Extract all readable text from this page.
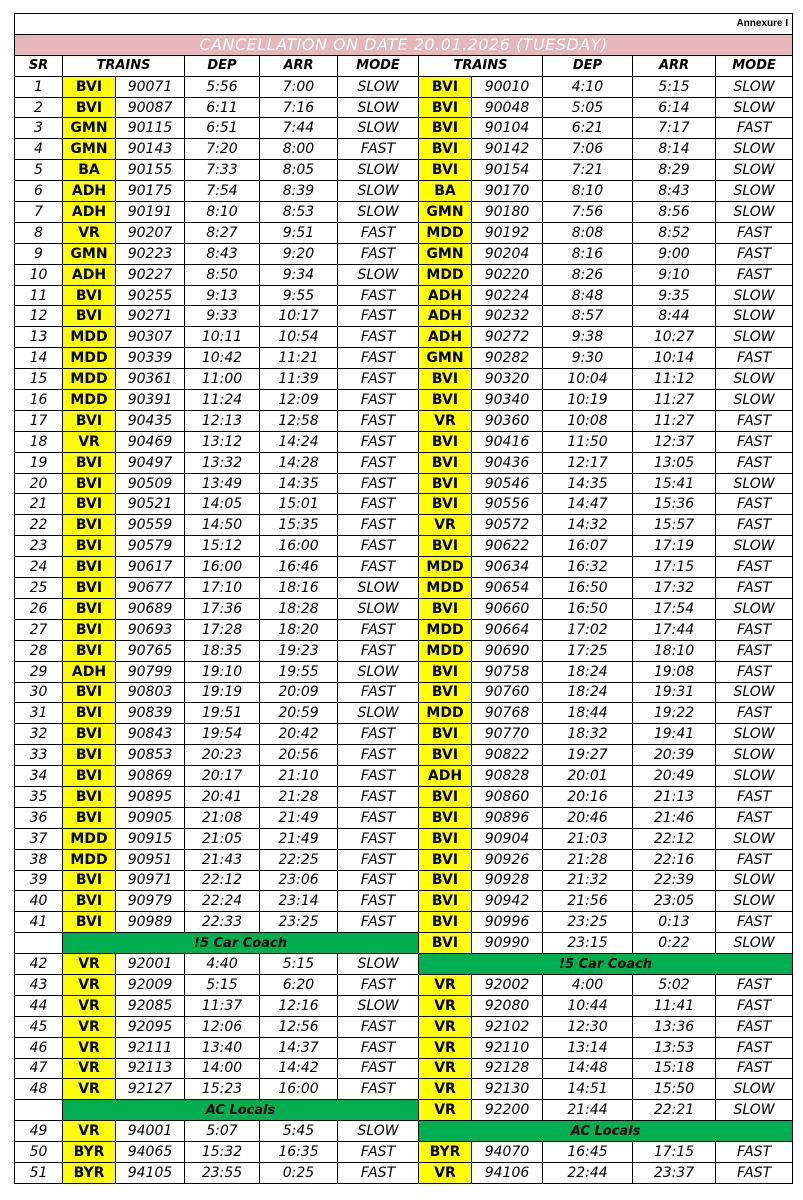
Annexure I										
CANCELLATION ON DATE 20.01.2026 (TUESDAY)										
SR	TRAINS		DEP	ARR	MODE	TRAINS		DEP	ARR	MODE
1	BVI	90071	5:56	7:00	SLOW	BVI	90010	4:10	5:15	SLOW
2	BVI	90087	6:11	7:16	SLOW	BVI	90048	5:05	6:14	SLOW
3	GMN	90115	6:51	7:44	SLOW	BVI	90104	6:21	7:17	FAST
4	GMN	90143	7:20	8:00	FAST	BVI	90142	7:06	8:14	SLOW
5	BA	90155	7:33	8:05	SLOW	BVI	90154	7:21	8:29	SLOW
6	ADH	90175	7:54	8:39	SLOW	BA	90170	8:10	8:43	SLOW
7	ADH	90191	8:10	8:53	SLOW	GMN	90180	7:56	8:56	SLOW
8	VR	90207	8:27	9:51	FAST	MDD	90192	8:08	8:52	FAST
9	GMN	90223	8:43	9:20	FAST	GMN	90204	8:16	9:00	FAST
10	ADH	90227	8:50	9:34	SLOW	MDD	90220	8:26	9:10	FAST
11	BVI	90255	9:13	9:55	FAST	ADH	90224	8:48	9:35	SLOW
12	BVI	90271	9:33	10:17	FAST	ADH	90232	8:57	8:44	SLOW
13	MDD	90307	10:11	10:54	FAST	ADH	90272	9:38	10:27	SLOW
14	MDD	90339	10:42	11:21	FAST	GMN	90282	9:30	10:14	FAST
15	MDD	90361	11:00	11:39	FAST	BVI	90320	10:04	11:12	SLOW
16	MDD	90391	11:24	12:09	FAST	BVI	90340	10:19	11:27	SLOW
17	BVI	90435	12:13	12:58	FAST	VR	90360	10:08	11:27	FAST
18	VR	90469	13:12	14:24	FAST	BVI	90416	11:50	12:37	FAST
19	BVI	90497	13:32	14:28	FAST	BVI	90436	12:17	13:05	FAST
20	BVI	90509	13:49	14:35	FAST	BVI	90546	14:35	15:41	SLOW
21	BVI	90521	14:05	15:01	FAST	BVI	90556	14:47	15:36	FAST
22	BVI	90559	14:50	15:35	FAST	VR	90572	14:32	15:57	FAST
23	BVI	90579	15:12	16:00	FAST	BVI	90622	16:07	17:19	SLOW
24	BVI	90617	16:00	16:46	FAST	MDD	90634	16:32	17:15	FAST
25	BVI	90677	17:10	18:16	SLOW	MDD	90654	16:50	17:32	FAST
26	BVI	90689	17:36	18:28	SLOW	BVI	90660	16:50	17:54	SLOW
27	BVI	90693	17:28	18:20	FAST	MDD	90664	17:02	17:44	FAST
28	BVI	90765	18:35	19:23	FAST	MDD	90690	17:25	18:10	FAST
29	ADH	90799	19:10	19:55	SLOW	BVI	90758	18:24	19:08	FAST
30	BVI	90803	19:19	20:09	FAST	BVI	90760	18:24	19:31	SLOW
31	BVI	90839	19:51	20:59	SLOW	MDD	90768	18:44	19:22	FAST
32	BVI	90843	19:54	20:42	FAST	BVI	90770	18:32	19:41	SLOW
33	BVI	90853	20:23	20:56	FAST	BVI	90822	19:27	20:39	SLOW
34	BVI	90869	20:17	21:10	FAST	ADH	90828	20:01	20:49	SLOW
35	BVI	90895	20:41	21:28	FAST	BVI	90860	20:16	21:13	FAST
36	BVI	90905	21:08	21:49	FAST	BVI	90896	20:46	21:46	FAST
37	MDD	90915	21:05	21:49	FAST	BVI	90904	21:03	22:12	SLOW
38	MDD	90951	21:43	22:25	FAST	BVI	90926	21:28	22:16	FAST
39	BVI	90971	22:12	23:06	FAST	BVI	90928	21:32	22:39	SLOW
40	BVI	90979	22:24	23:14	FAST	BVI	90942	21:56	23:05	SLOW
41	BVI	90989	22:33	23:25	FAST	BVI	90996	23:25	0:13	FAST
	!5 Car Coach					BVI	90990	23:15	0:22	SLOW
42	VR	92001	4:40	5:15	SLOW	!5 Car Coach				
43	VR	92009	5:15	6:20	FAST	VR	92002	4:00	5:02	FAST
44	VR	92085	11:37	12:16	SLOW	VR	92080	10:44	11:41	FAST
45	VR	92095	12:06	12:56	FAST	VR	92102	12:30	13:36	FAST
46	VR	92111	13:40	14:37	FAST	VR	92110	13:14	13:53	FAST
47	VR	92113	14:00	14:42	FAST	VR	92128	14:48	15:18	FAST
48	VR	92127	15:23	16:00	FAST	VR	92130	14:51	15:50	SLOW
	AC Locals					VR	92200	21:44	22:21	SLOW
49	VR	94001	5:07	5:45	SLOW	AC Locals				
50	BYR	94065	15:32	16:35	FAST	BYR	94070	16:45	17:15	FAST
51	BYR	94105	23:55	0:25	FAST	VR	94106	22:44	23:37	FAST
